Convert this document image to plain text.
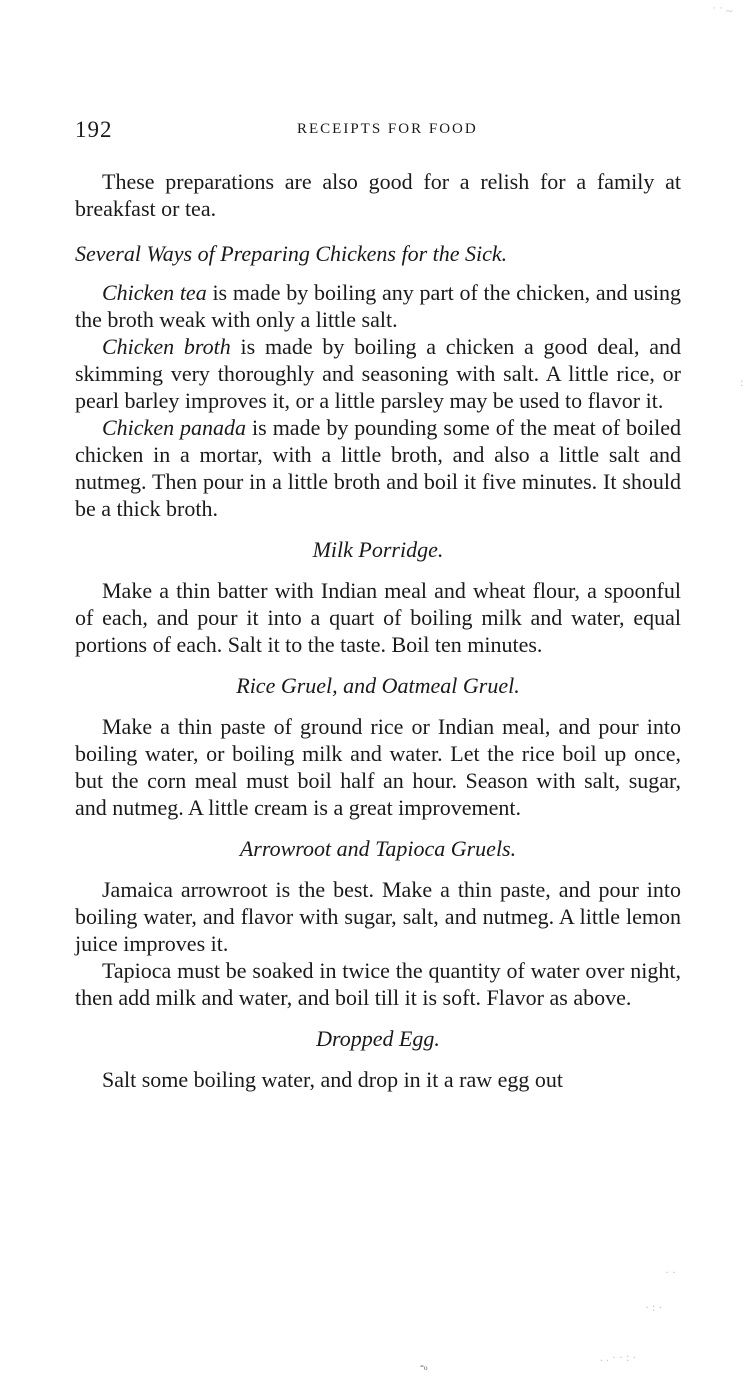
192	RECEIPTS FOR FOOD

These preparations are also good for a relish for a family at breakfast or tea.

Several Ways of Preparing Chickens for the Sick.

Chicken tea is made by boiling any part of the chicken, and using the broth weak with only a little salt.

Chicken broth is made by boiling a chicken a good deal, and skimming very thoroughly and seasoning with salt. A little rice, or pearl barley improves it, or a little parsley may be used to flavor it.

Chicken panada is made by pounding some of the meat of boiled chicken in a mortar, with a little broth, and also a little salt and nutmeg. Then pour in a little broth and boil it five minutes. It should be a thick broth.

Milk Porridge.

Make a thin batter with Indian meal and wheat flour, a spoonful of each, and pour it into a quart of boiling milk and water, equal portions of each. Salt it to the taste. Boil ten minutes.

Rice Gruel, and Oatmeal Gruel.

Make a thin paste of ground rice or Indian meal, and pour into boiling water, or boiling milk and water. Let the rice boil up once, but the corn meal must boil half an hour. Season with salt, sugar, and nutmeg. A little cream is a great improvement.

Arrowroot and Tapioca Gruels.

Jamaica arrowroot is the best. Make a thin paste, and pour into boiling water, and flavor with sugar, salt, and nutmeg. A little lemon juice improves it.

Tapioca must be soaked in twice the quantity of water over night, then add milk and water, and boil till it is soft. Flavor as above.

Dropped Egg.

Salt some boiling water, and drop in it a raw egg out

˙ ˙ ~
:
· ·
· : ·
-ₒ
. . · · : ·
